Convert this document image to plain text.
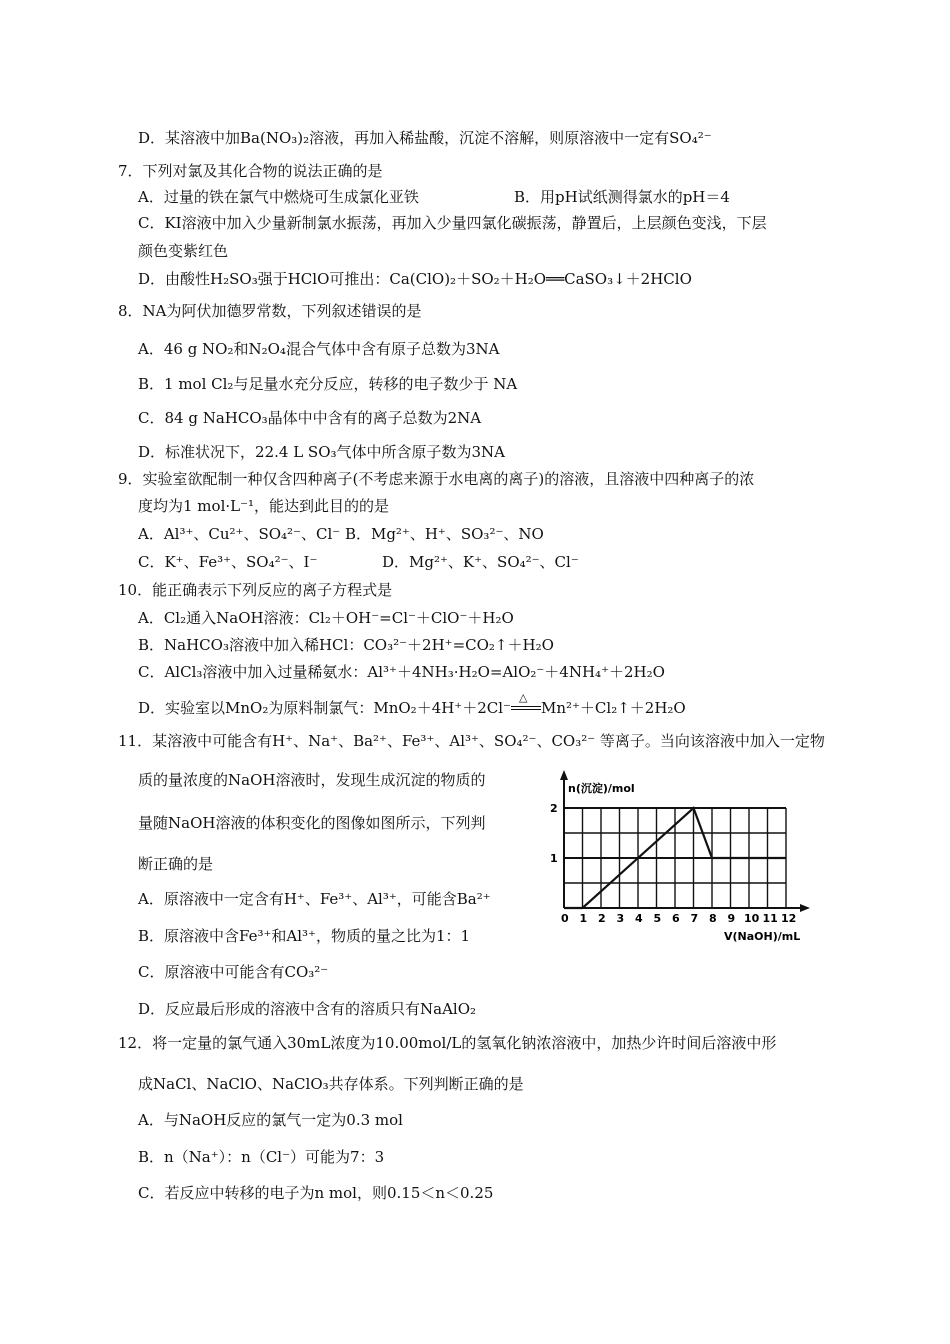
D．某溶液中加Ba(NO₃)₂溶液，再加入稀盐酸，沉淀不溶解，则原溶液中一定有SO₄²⁻
7．下列对氯及其化合物的说法正确的是
A．过量的铁在氯气中燃烧可生成氯化亚铁	B．用pH试纸测得氯水的pH＝4
C．KI溶液中加入少量新制氯水振荡，再加入少量四氯化碳振荡，静置后，上层颜色变浅，下层
颜色变紫红色
D．由酸性H₂SO₃强于HClO可推出：Ca(ClO)₂＋SO₂＋H₂O══CaSO₃↓＋2HClO
8．NA为阿伏加德罗常数，下列叙述错误的是
A．46 g NO₂和N₂O₄混合气体中含有原子总数为3NA
B．1 mol Cl₂与足量水充分反应，转移的电子数少于 NA
C．84 g NaHCO₃晶体中中含有的离子总数为2NA
D．标准状况下，22.4 L SO₃气体中所含原子数为3NA
9．实验室欲配制一种仅含四种离子(不考虑来源于水电离的离子)的溶液，且溶液中四种离子的浓
度均为1 mol·L⁻¹，能达到此目的的是
A．Al³⁺、Cu²⁺、SO₄²⁻、Cl⁻ B．Mg²⁺、H⁺、SO₃²⁻、NO
C．K⁺、Fe³⁺、SO₄²⁻、I⁻	D．Mg²⁺、K⁺、SO₄²⁻、Cl⁻
10．能正确表示下列反应的离子方程式是
A．Cl₂通入NaOH溶液：Cl₂＋OH⁻=Cl⁻＋ClO⁻＋H₂O
B．NaHCO₃溶液中加入稀HCl：CO₃²⁻＋2H⁺=CO₂↑＋H₂O
C．AlCl₃溶液中加入过量稀氨水：Al³⁺＋4NH₃·H₂O=AlO₂⁻＋4NH₄⁺＋2H₂O
D．实验室以MnO₂为原料制氯气：MnO₂＋4H⁺＋2Cl⁻
△
Mn²⁺＋Cl₂↑＋2H₂O
11．某溶液中可能含有H⁺、Na⁺、Ba²⁺、Fe³⁺、Al³⁺、SO₄²⁻、CO₃²⁻ 等离子。当向该溶液中加入一定物
质的量浓度的NaOH溶液时，发现生成沉淀的物质的
量随NaOH溶液的体积变化的图像如图所示，下列判
断正确的是
A．原溶液中一定含有H⁺、Fe³⁺、Al³⁺，可能含Ba²⁺
B．原溶液中含Fe³⁺和Al³⁺，物质的量之比为1：1
C．原溶液中可能含有CO₃²⁻
D．反应最后形成的溶液中含有的溶质只有NaAlO₂
0 1 2 3 4 5 6 7 8 9 10 11 12
1
2
n(沉淀)/mol
V(NaOH)/mL
12．将一定量的氯气通入30mL浓度为10.00mol/L的氢氧化钠浓溶液中，加热少许时间后溶液中形
成NaCl、NaClO、NaClO₃共存体系。下列判断正确的是
A．与NaOH反应的氯气一定为0.3 mol
B．n（Na⁺）：n（Cl⁻）可能为7：3
C．若反应中转移的电子为n mol，则0.15＜n＜0.25
